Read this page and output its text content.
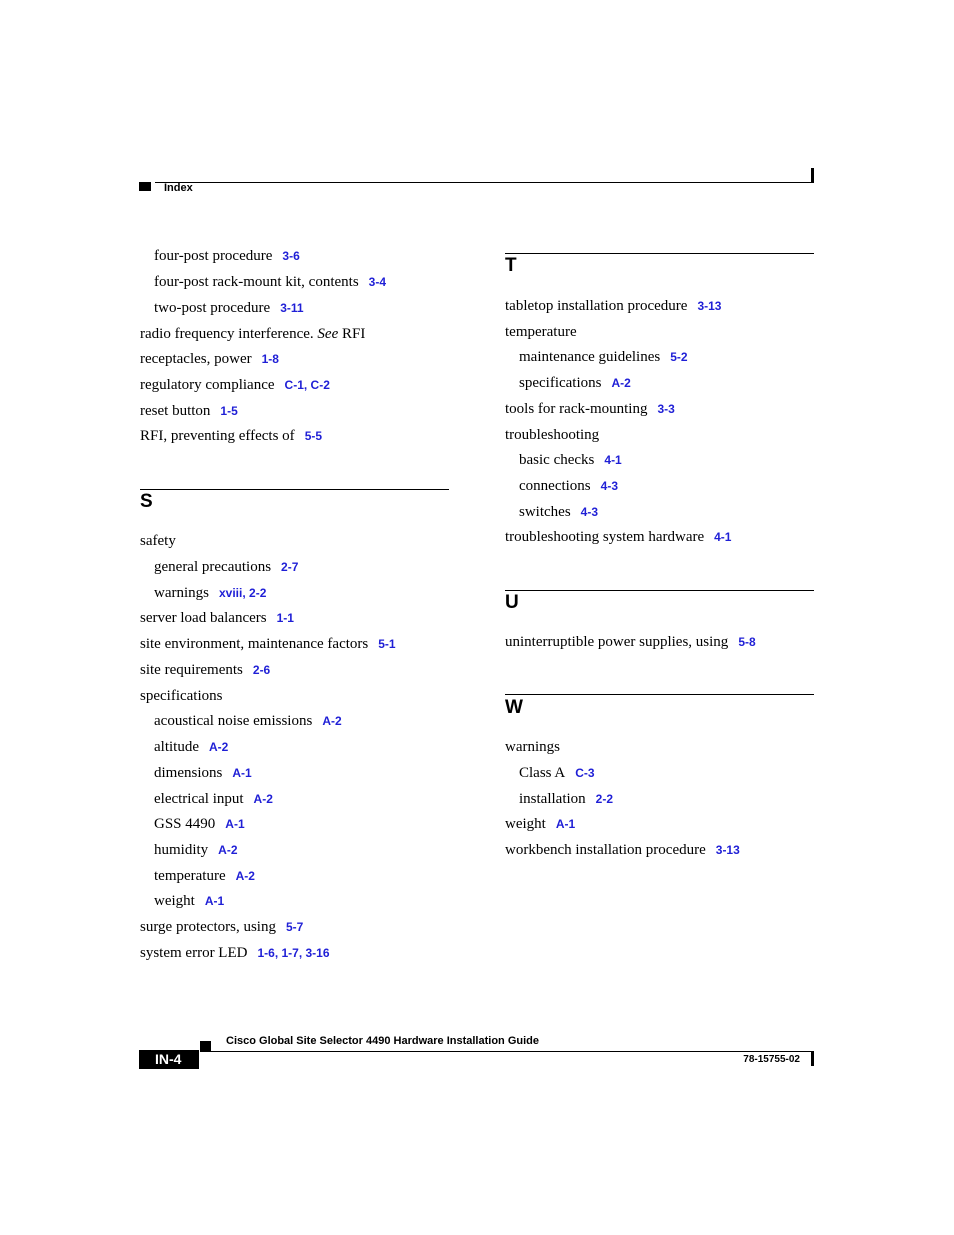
Index
four-post procedure 3-6
four-post rack-mount kit, contents 3-4
two-post procedure 3-11
radio frequency interference. See RFI
receptacles, power 1-8
regulatory compliance C-1, C-2
reset button 1-5
RFI, preventing effects of 5-5
S
safety
general precautions 2-7
warnings xviii, 2-2
server load balancers 1-1
site environment, maintenance factors 5-1
site requirements 2-6
specifications
acoustical noise emissions A-2
altitude A-2
dimensions A-1
electrical input A-2
GSS 4490 A-1
humidity A-2
temperature A-2
weight A-1
surge protectors, using 5-7
system error LED 1-6, 1-7, 3-16
T
tabletop installation procedure 3-13
temperature
maintenance guidelines 5-2
specifications A-2
tools for rack-mounting 3-3
troubleshooting
basic checks 4-1
connections 4-3
switches 4-3
troubleshooting system hardware 4-1
U
uninterruptible power supplies, using 5-8
W
warnings
Class A C-3
installation 2-2
weight A-1
workbench installation procedure 3-13
Cisco Global Site Selector 4490 Hardware Installation Guide
IN-4	78-15755-02
